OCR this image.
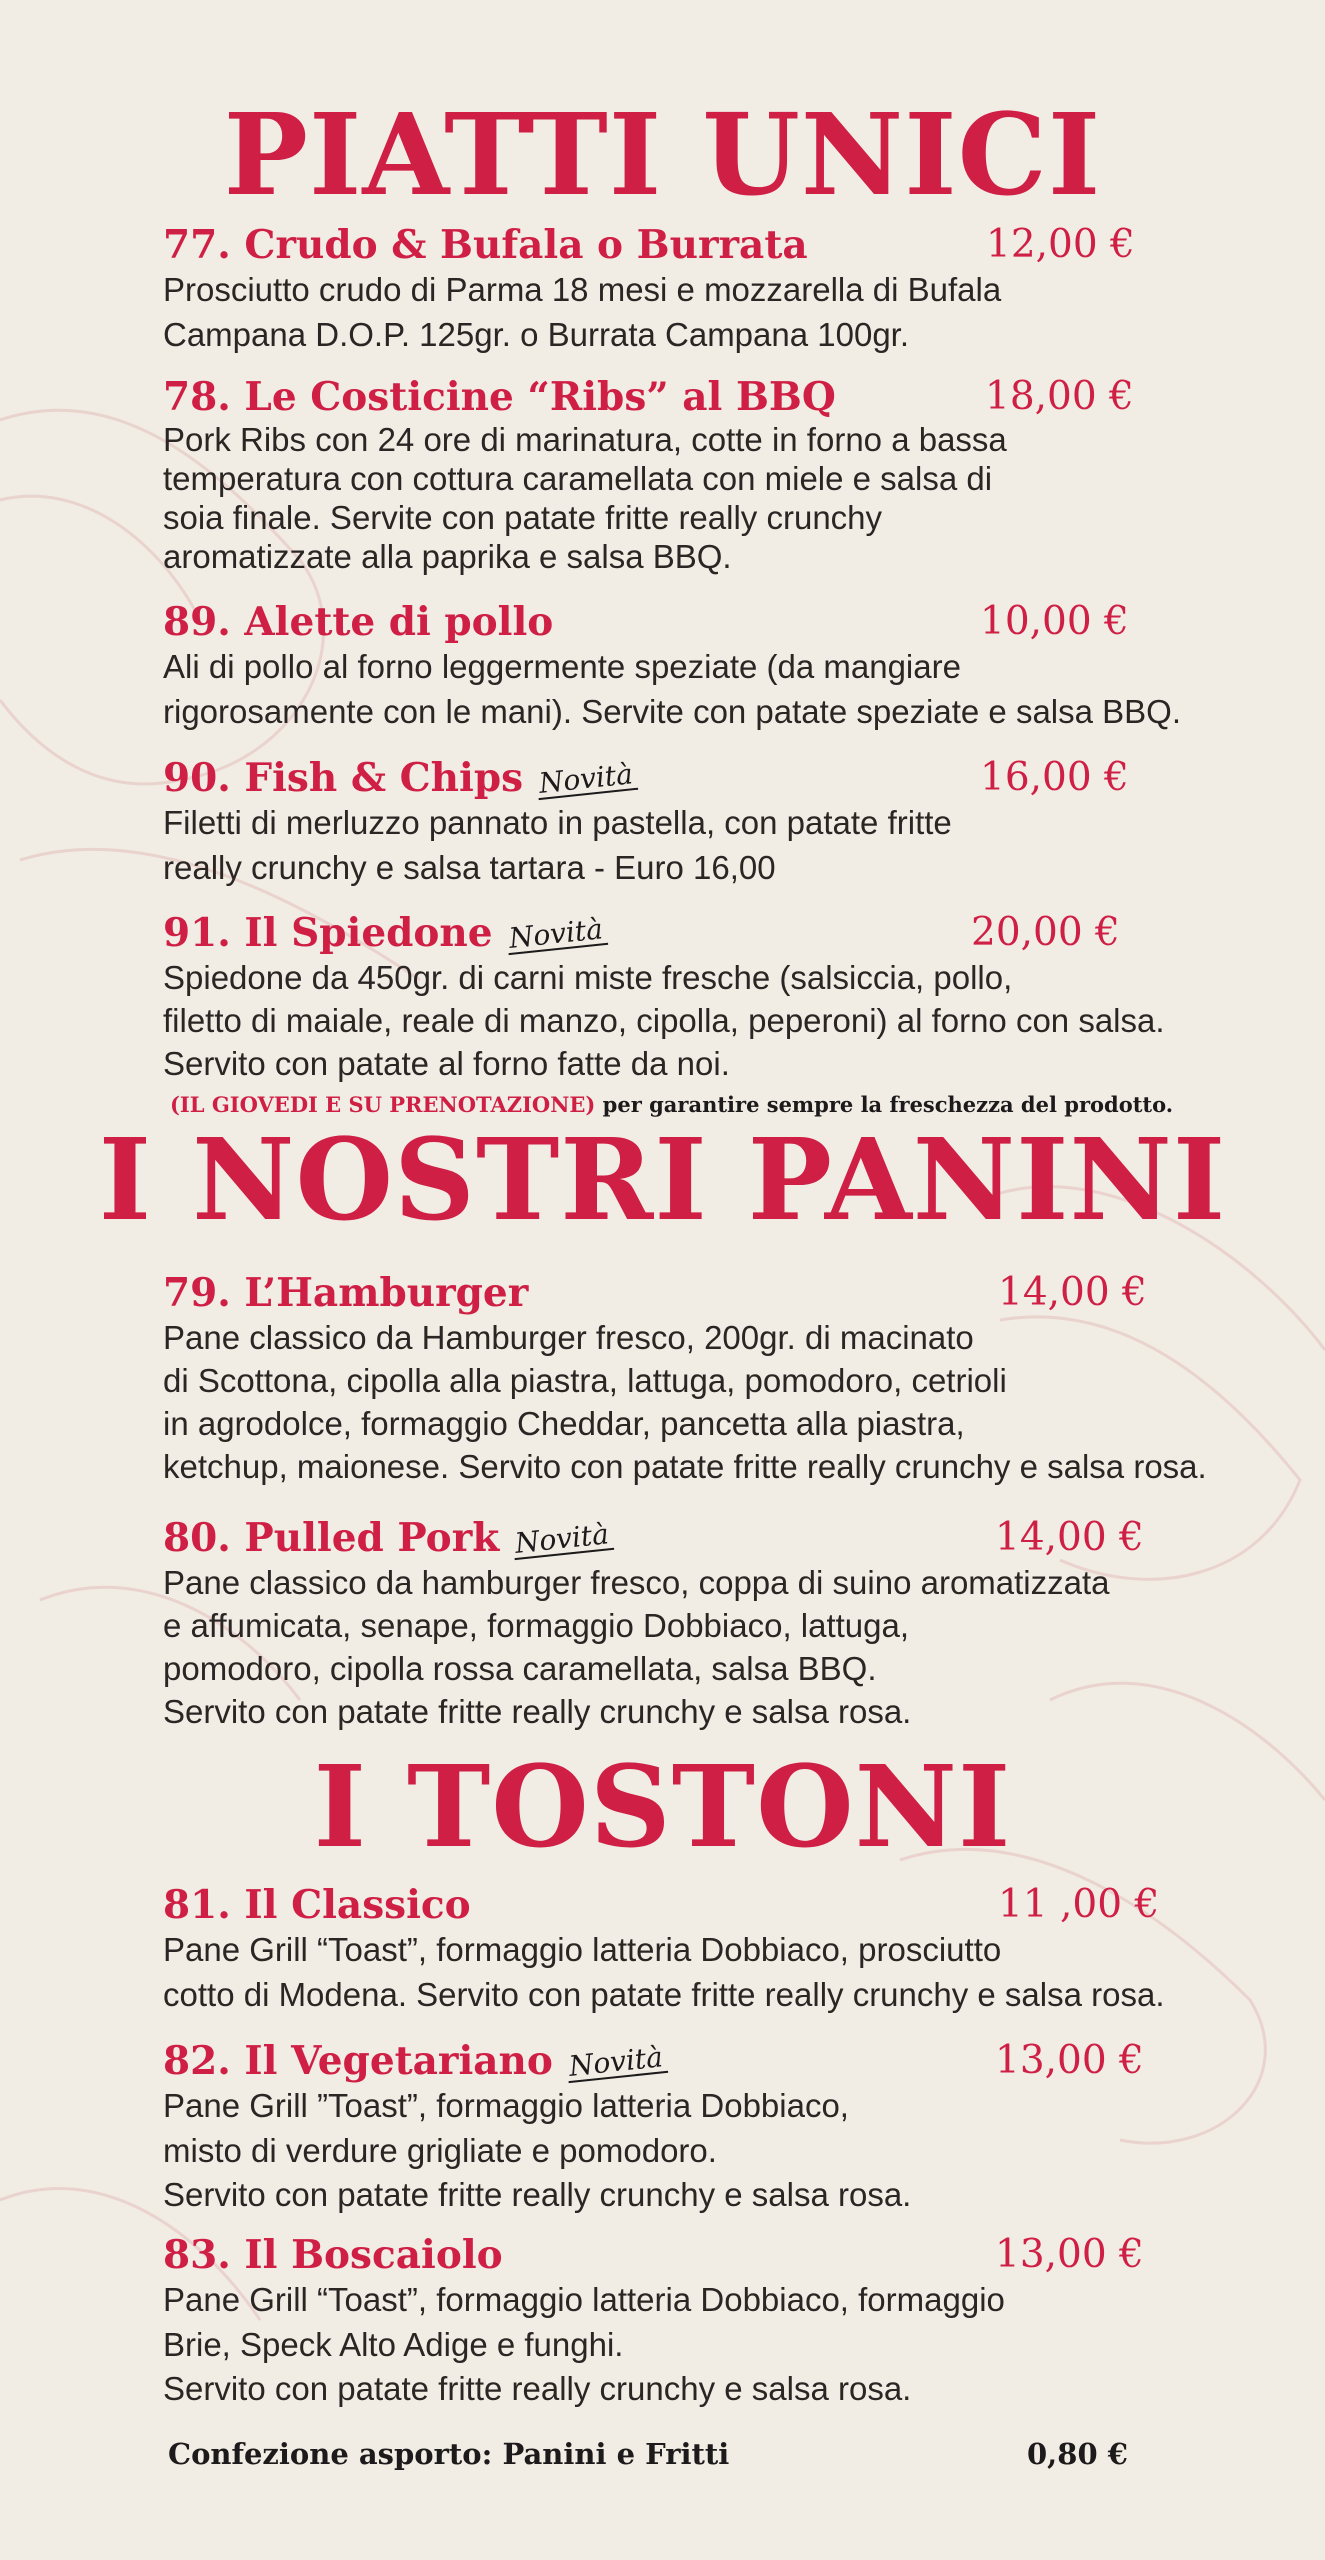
PIATTI UNICI
77. Crudo & Bufala o Burrata	12,00 €
Prosciutto crudo di Parma 18 mesi e mozzarella di Bufala
Campana D.O.P. 125gr. o Burrata Campana 100gr.
78. Le Costicine “Ribs” al BBQ	18,00 €
Pork Ribs con 24 ore di marinatura, cotte in forno a bassa
temperatura con cottura caramellata con miele e salsa di
soia finale. Servite con patate fritte really crunchy
aromatizzate alla paprika e salsa BBQ.
89. Alette di pollo	10,00 €
Ali di pollo al forno leggermente speziate (da mangiare
rigorosamente con le mani). Servite con patate speziate e salsa BBQ.
90. Fish & Chips Novità	16,00 €
Filetti di merluzzo pannato in pastella, con patate fritte
really crunchy e salsa tartara - Euro 16,00
91. Il Spiedone Novità	20,00 €
Spiedone da 450gr. di carni miste fresche (salsiccia, pollo,
filetto di maiale, reale di manzo, cipolla, peperoni) al forno con salsa.
Servito con patate al forno fatte da noi.
(IL GIOVEDI E SU PRENOTAZIONE) per garantire sempre la freschezza del prodotto.
I NOSTRI PANINI
79. L’Hamburger	14,00 €
Pane classico da Hamburger fresco, 200gr. di macinato
di Scottona, cipolla alla piastra, lattuga, pomodoro, cetrioli
in agrodolce, formaggio Cheddar, pancetta alla piastra,
ketchup, maionese. Servito con patate fritte really crunchy e salsa rosa.
80. Pulled Pork Novità	14,00 €
Pane classico da hamburger fresco, coppa di suino aromatizzata
e affumicata, senape, formaggio Dobbiaco, lattuga,
pomodoro, cipolla rossa caramellata, salsa BBQ.
Servito con patate fritte really crunchy e salsa rosa.
I TOSTONI
81. Il Classico	11 ,00 €
Pane Grill “Toast”, formaggio latteria Dobbiaco, prosciutto
cotto di Modena. Servito con patate fritte really crunchy e salsa rosa.
82. Il Vegetariano Novità	13,00 €
Pane Grill ”Toast”, formaggio latteria Dobbiaco,
misto di verdure grigliate e pomodoro.
Servito con patate fritte really crunchy e salsa rosa.
83. Il Boscaiolo	13,00 €
Pane Grill “Toast”, formaggio latteria Dobbiaco, formaggio
Brie, Speck Alto Adige e funghi.
Servito con patate fritte really crunchy e salsa rosa.
Confezione asporto: Panini e Fritti	0,80 €
